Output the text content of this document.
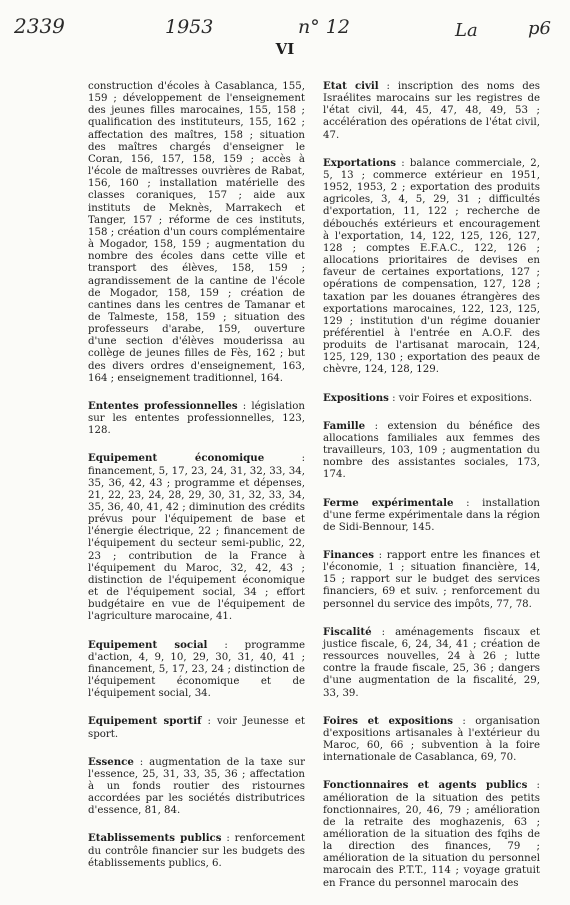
2339	1953	n° 12	La	p6
VI

construction d'écoles à Casablanca, 155, 159 ; développement de l'enseignement des jeunes filles marocaines, 155, 158 ; qualification des instituteurs, 155, 162 ; affectation des maîtres, 158 ; situation des maîtres chargés d'enseigner le Coran, 156, 157, 158, 159 ; accès à l'école de maîtresses ouvrières de Rabat, 156, 160 ; installation matérielle des classes coraniques, 157 ; aide aux instituts de Meknès, Marrakech et Tanger, 157 ; réforme de ces instituts, 158 ; création d'un cours complémentaire à Mogador, 158, 159 ; augmentation du nombre des écoles dans cette ville et transport des élèves, 158, 159 ; agrandissement de la cantine de l'école de Mogador, 158, 159 ; création de cantines dans les centres de Tamanar et de Talmeste, 158, 159 ; situation des professeurs d'arabe, 159, ouverture d'une section d'élèves mouderissa au collège de jeunes filles de Fès, 162 ; but des divers ordres d'enseignement, 163, 164 ; enseignement traditionnel, 164.

Ententes professionnelles : législation sur les ententes professionnelles, 123, 128.

Equipement économique : financement, 5, 17, 23, 24, 31, 32, 33, 34, 35, 36, 42, 43 ; programme et dépenses, 21, 22, 23, 24, 28, 29, 30, 31, 32, 33, 34, 35, 36, 40, 41, 42 ; diminution des crédits prévus pour l'équipement de base et l'énergie électrique, 22 ; financement de l'équipement du secteur semi-public, 22, 23 ; contribution de la France à l'équipement du Maroc, 32, 42, 43 ; distinction de l'équipement économique et de l'équipement social, 34 ; effort budgétaire en vue de l'équipement de l'agriculture marocaine, 41.

Equipement social : programme d'action, 4, 9, 10, 29, 30, 31, 40, 41 ; financement, 5, 17, 23, 24 ; distinction de l'équipement économique et de l'équipement social, 34.

Equipement sportif : voir Jeunesse et sport.

Essence : augmentation de la taxe sur l'essence, 25, 31, 33, 35, 36 ; affectation à un fonds routier des ristournes accordées par les sociétés distributrices d'essence, 81, 84.

Etablissements publics : renforcement du contrôle financier sur les budgets des établissements publics, 6.

Etat civil : inscription des noms des Israélites marocains sur les registres de l'état civil, 44, 45, 47, 48, 49, 53 ; accélération des opérations de l'état civil, 47.

Exportations : balance commerciale, 2, 5, 13 ; commerce extérieur en 1951, 1952, 1953, 2 ; exportation des produits agricoles, 3, 4, 5, 29, 31 ; difficultés d'exportation, 11, 122 ; recherche de débouchés extérieurs et encouragement à l'exportation, 14, 122, 125, 126, 127, 128 ; comptes E.F.A.C., 122, 126 ; allocations prioritaires de devises en faveur de certaines exportations, 127 ; opérations de compensation, 127, 128 ; taxation par les douanes étrangères des exportations marocaines, 122, 123, 125, 129 ; institution d'un régime douanier préférentiel à l'entrée en A.O.F. des produits de l'artisanat marocain, 124, 125, 129, 130 ; exportation des peaux de chèvre, 124, 128, 129.

Expositions : voir Foires et expositions.

Famille : extension du bénéfice des allocations familiales aux femmes des travailleurs, 103, 109 ; augmentation du nombre des assistantes sociales, 173, 174.

Ferme expérimentale : installation d'une ferme expérimentale dans la région de Sidi-Bennour, 145.

Finances : rapport entre les finances et l'économie, 1 ; situation financière, 14, 15 ; rapport sur le budget des services financiers, 69 et suiv. ; renforcement du personnel du service des impôts, 77, 78.

Fiscalité : aménagements fiscaux et justice fiscale, 6, 24, 34, 41 ; création de ressources nouvelles, 24 à 26 ; lutte contre la fraude fiscale, 25, 36 ; dangers d'une augmentation de la fiscalité, 29, 33, 39.

Foires et expositions : organisation d'expositions artisanales à l'extérieur du Maroc, 60, 66 ; subvention à la foire internationale de Casablanca, 69, 70.

Fonctionnaires et agents publics : amélioration de la situation des petits fonctionnaires, 20, 46, 79 ; amélioration de la retraite des moghazenis, 63 ; amélioration de la situation des fqihs de la direction des finances, 79 ; amélioration de la situation du personnel marocain des P.T.T., 114 ; voyage gratuit en France du personnel marocain des
